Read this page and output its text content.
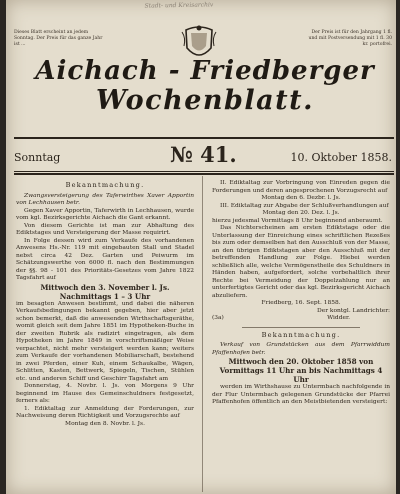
Stadt- und Kreisarchiv
Dieses Blatt erscheint an jedem Sonntag. Der Preis für das ganze Jahr ist ...
Der Preis ist für den Jahrgang 1 fl. und mit Postversendung mit 1 fl. 30 kr. portofrei.
Aichach - Friedberger
Wochenblatt.
Sonntag	№ 41.	10. Oktober 1858.
Bekanntmachung.

Zwangsversteigerung des Taferwirthes Xaver Apportin von Lechhausen betr.

Gegen Xaver Apportin, Taferwirth in Lechhausen, wurde vom kgl. Bezirksgerichte Aichach die Gant erkannt.

Von diesem Gerichte ist man zur Abhaltung des Ediktstages und Versteigerung der Masse requirirt.

In Folge dessen wird zum Verkaufe des vorhandenen Anwesens Hs.-Nr. 119 mit eingebauten Stall und Stadel nebst circa 42 Dez. Garten und Peiwurm im Schätzungswerthe von 6000 fl. nach den Bestimmungen der §§. 98 - 101 des Prioritäts-Gesetzes vom Jahre 1822 Tagsfahrt auf

Mittwoch den 3. November l. Js. Nachmittags 1 – 3 Uhr

im besagten Anwesen bestimmt, und dabei die näheren Verkaufsbedingungen bekannt gegeben, hier aber jetzt schon bemerkt, daß die anwesenden Wirthschaftsgeräthe, womit gleich seit dem Jahre 1851 im Hypotheken-Buche in der zweiten Rubrik als radizirt eingetragen, als dem Hypotheken im Jahre 1849 in vorschriftsmäßiger Weise verpachtet, nicht mehr versteigert werden kann; weiters zum Verkaufe der vorhandenen Mobiliarschaft, bestehend in zwei Pferden, einer Kuh, einem Schaukalbe, Wägen, Schlitten, Kasten, Bettwerk, Spiegeln, Tischen, Stühlen etc. und anderen Schiff und Geschirr Tagsfahrt am

Donnerstag, 4. Novbr. l. Js. von Morgens 9 Uhr beginnend im Hause des Gemeinschuldners festgesetzt, ferners als:

1. Ediktaltag zur Anmeldung der Forderungen, zur Nachweisung deren Richtigkeit und Vorzugsrechte auf

Montag den 8. Novbr. l. Js.

II. Ediktaltag zur Vorbringung von Einreden gegen die Forderungen und deren angesprochenen Vorzugsrecht auf

Montag den 6. Dezbr. l. Js.

III. Ediktaltag zur Abgabe der Schlußverhandlungen auf

Montag den 20. Dez. l. Js.

hierzu jedesmal Vormittags 8 Uhr beginnend anberaumt.

Das Nichterscheinen am ersten Ediktstage oder die Unterlassung der Einreichung eines schriftlichen Rezeßes bis zum oder demselben hat den Ausschluß von der Masse, an den übrigen Ediktstagen aber den Ausschluß mit der betreffenden Handlung zur Folge. Hiebei werden schließlich alle, welche Vermögenstheile des Schuldners in Händen haben, aufgefordert, solche vorbehaltlich ihrer Rechte bei Vermeidung der Doppelzahlung nur an unterfertigtes Gericht oder das kgl. Bezirksgericht Aichach abzuliefern.

Friedberg, 16. Sept. 1858.

Der kontgl. Landrichter:

(3a)	Widder.
Bekanntmachung.

Verkauf von Grundstücken aus dem Pfarrwiddum Pfaffenhofen betr.

Mittwoch den 20. Oktober 1858 von Vormittags 11 Uhr an bis Nachmittags 4 Uhr

werden im Wirthshause zu Untermbach nachfolgende in der Flur Untermbach gelegenen Grundstücke der Pfarrei Pfaffenhofen öffentlich an den Meistbietenden versteigert:
